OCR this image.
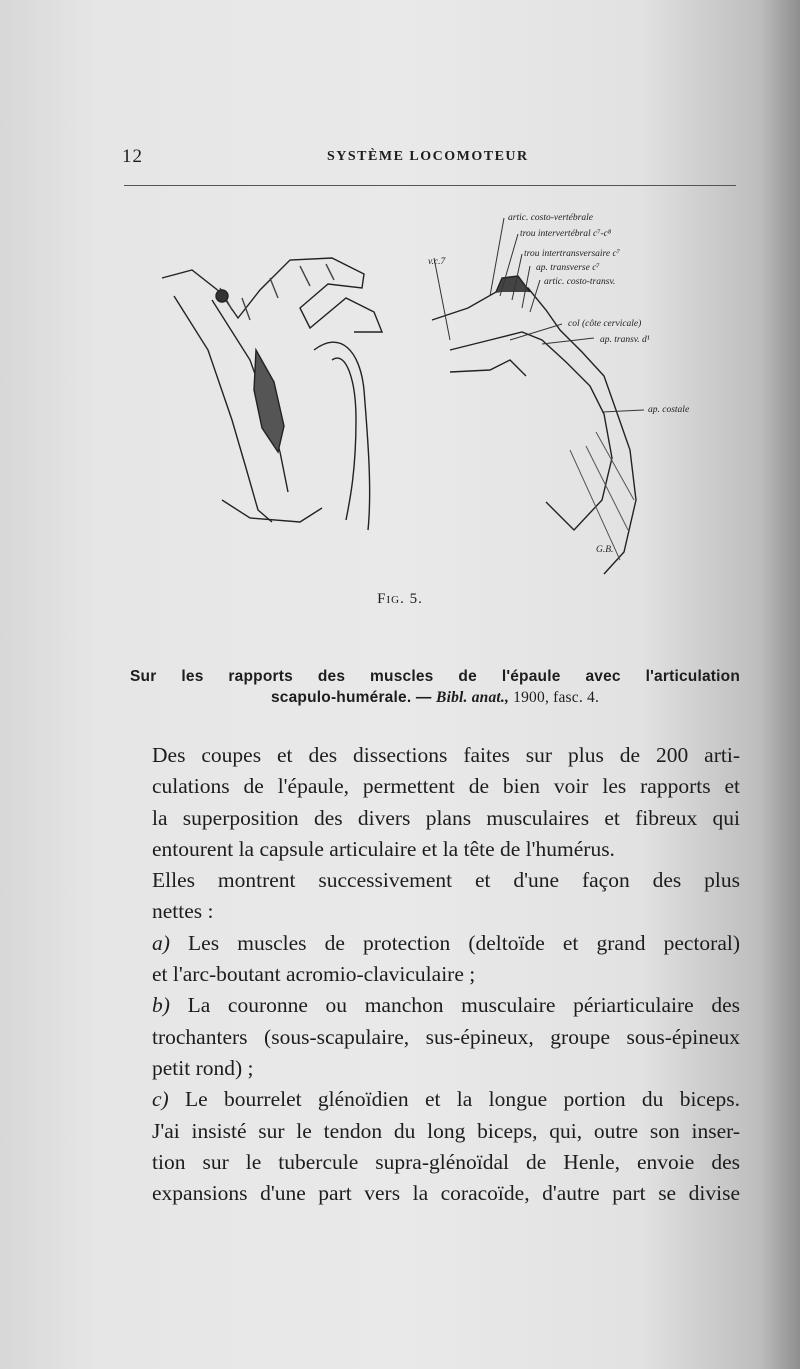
12	SYSTÈME LOCOMOTEUR
artic. costo-vertébrale
trou intervertébral c⁷-c⁸
trou intertransversaire c⁷
ap. transverse c⁷
artic. costo-transv.
v.c.7
col (côte cervicale)
ap. transv. d¹
ap. costale
G.B.
Fig. 5.
Sur les rapports des muscles de l'épaule avec l'articulation
scapulo-humérale. — Bibl. anat., 1900, fasc. 4.

Des coupes et des dissections faites sur plus de 200 arti-
culations de l'épaule, permettent de bien voir les rapports et
la superposition des divers plans musculaires et fibreux qui
entourent la capsule articulaire et la tête de l'humérus.

Elles montrent successivement et d'une façon des plus
nettes :

a) Les muscles de protection (deltoïde et grand pectoral)
et l'arc-boutant acromio-claviculaire ;

b) La couronne ou manchon musculaire périarticulaire des
trochanters (sous-scapulaire, sus-épineux, groupe sous-épineux
petit rond) ;

c) Le bourrelet glénoïdien et la longue portion du biceps.
J'ai insisté sur le tendon du long biceps, qui, outre son inser-
tion sur le tubercule supra-glénoïdal de Henle, envoie des
expansions d'une part vers la coracoïde, d'autre part se divise
